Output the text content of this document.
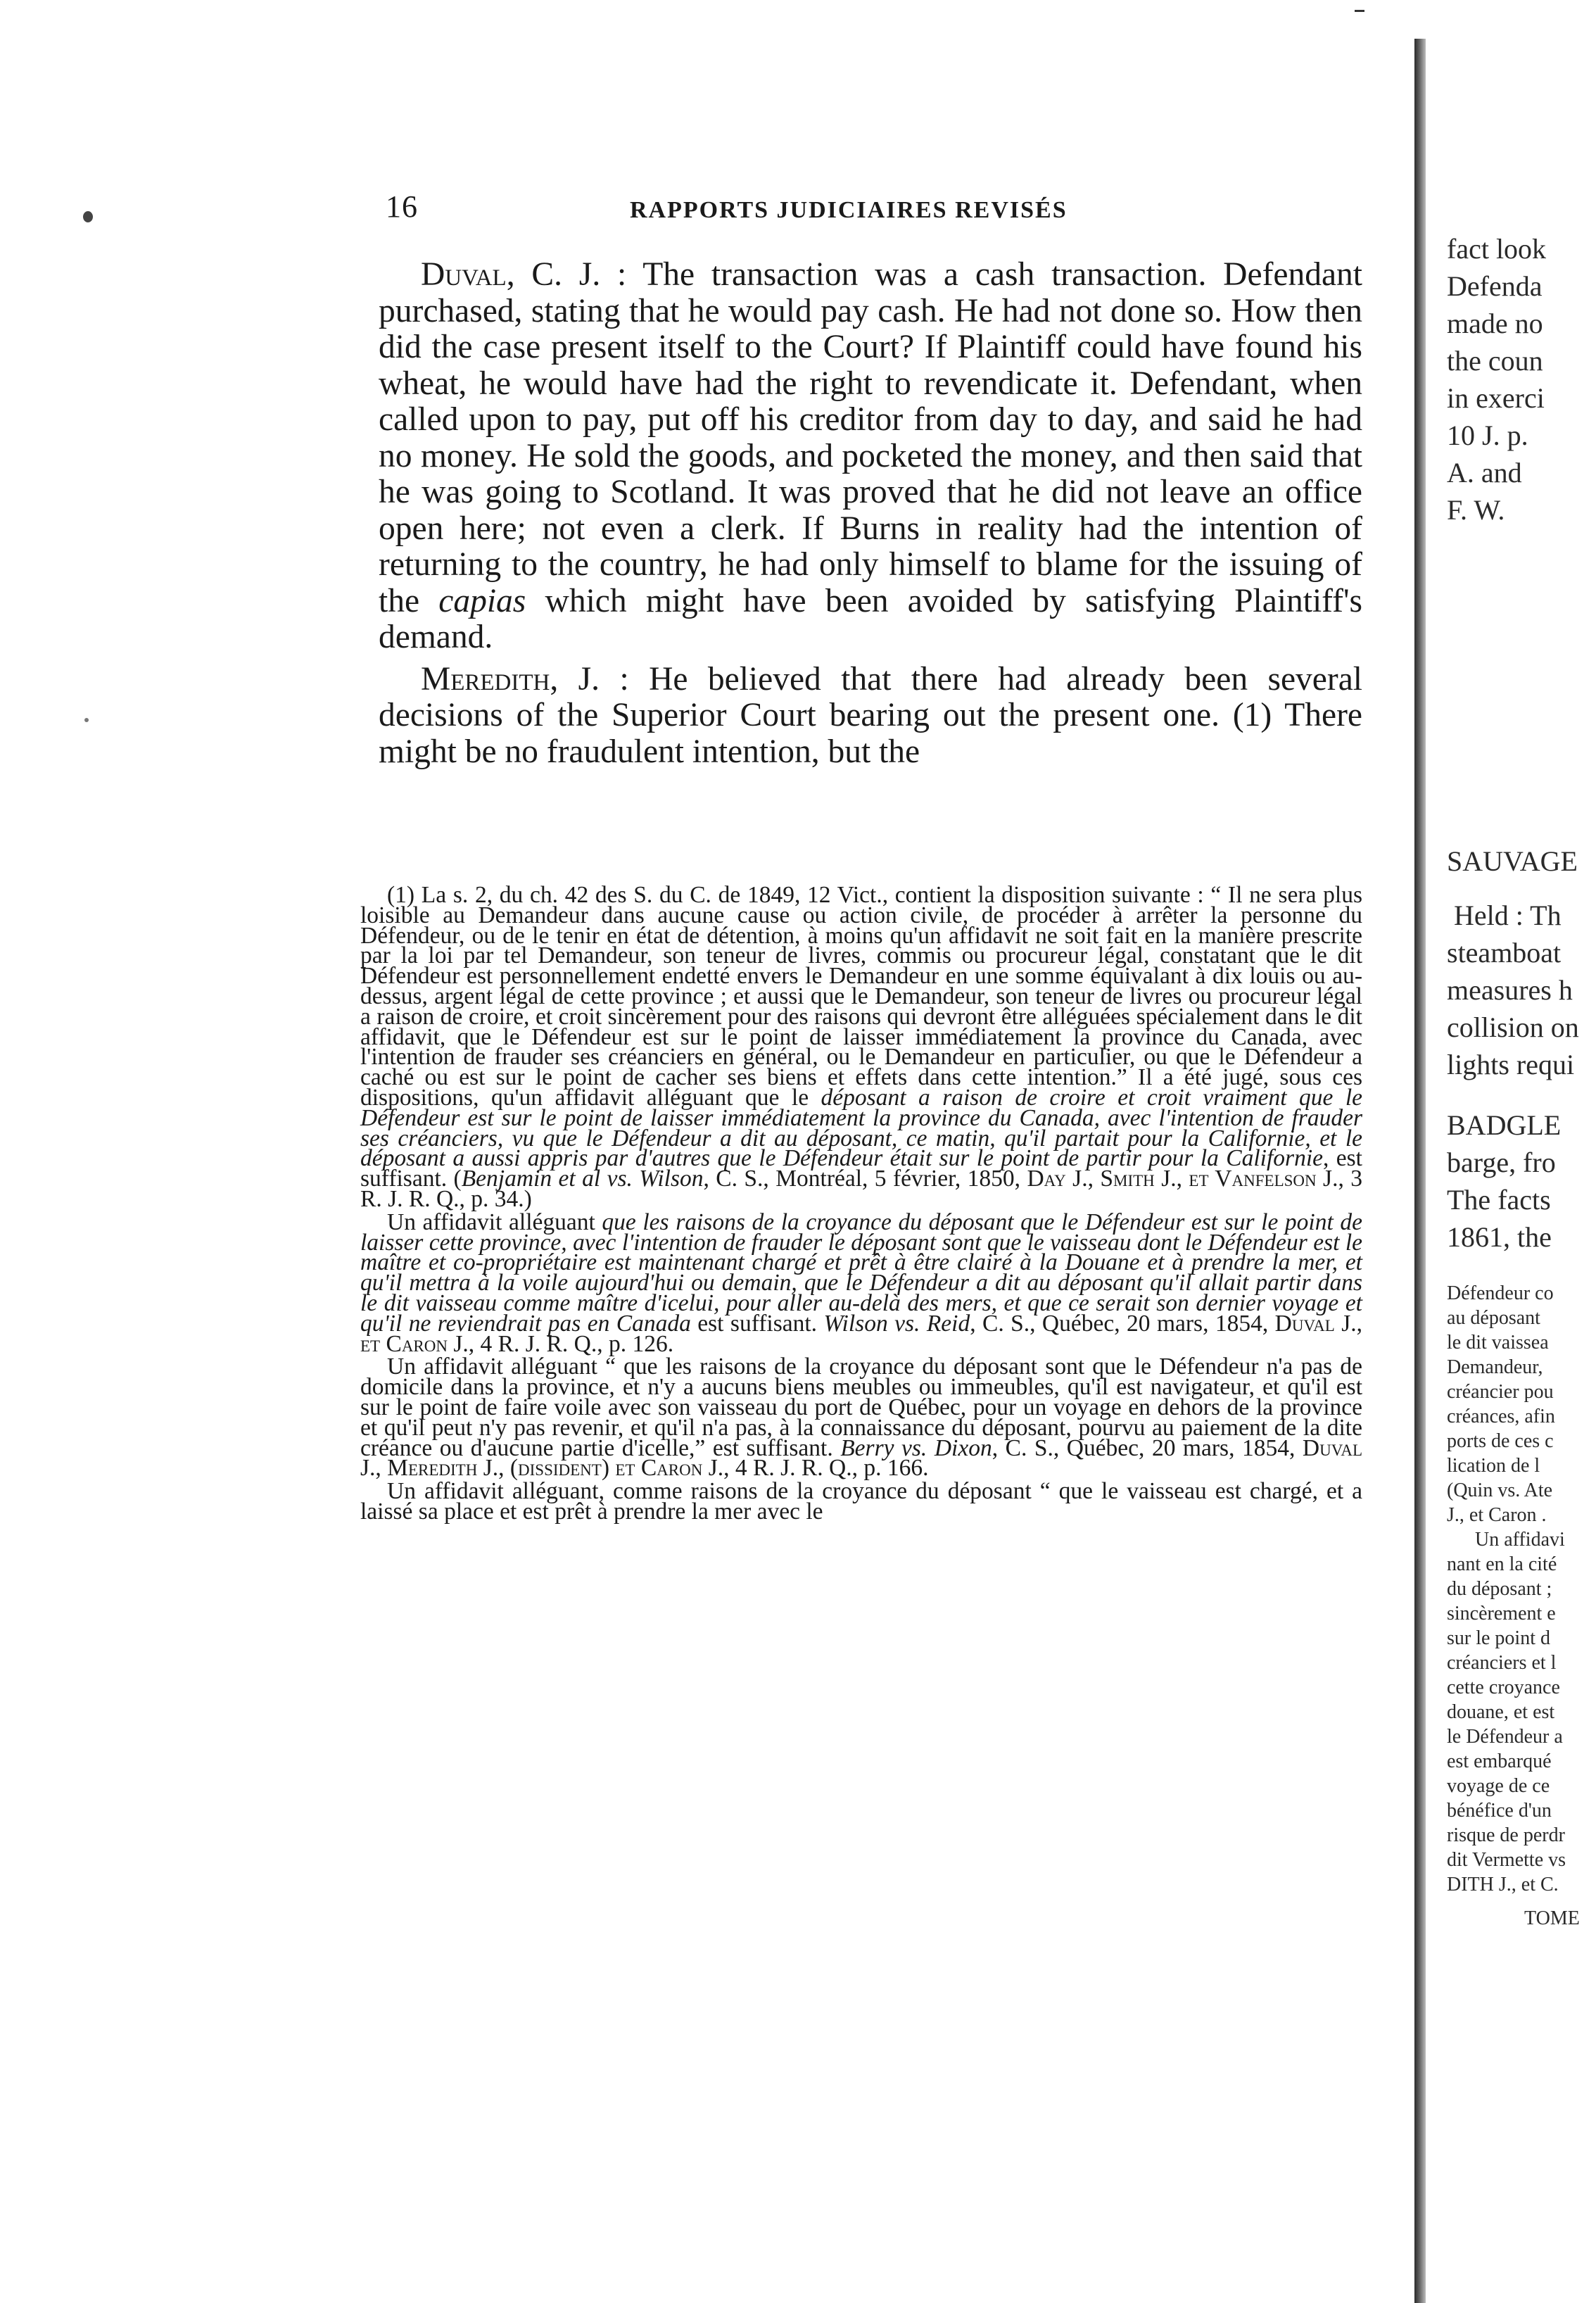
16	RAPPORTS JUDICIAIRES REVISÉS

Duval, C. J. : The transaction was a cash transaction. Defendant purchased, stating that he would pay cash. He had not done so. How then did the case present itself to the Court? If Plaintiff could have found his wheat, he would have had the right to revendicate it. Defendant, when called upon to pay, put off his creditor from day to day, and said he had no money. He sold the goods, and pocketed the money, and then said that he was going to Scotland. It was proved that he did not leave an office open here; not even a clerk. If Burns in reality had the intention of returning to the country, he had only himself to blame for the issuing of the capias which might have been avoided by satisfying Plaintiff's demand.

Meredith, J. : He believed that there had already been several decisions of the Superior Court bearing out the present one. (1) There might be no fraudulent intention, but the

(1) La s. 2, du ch. 42 des S. du C. de 1849, 12 Vict., contient la disposition suivante : “ Il ne sera plus loisible au Demandeur dans aucune cause ou action civile, de procéder à arrêter la personne du Défendeur, ou de le tenir en état de détention, à moins qu'un affidavit ne soit fait en la manière prescrite par la loi par tel Demandeur, son teneur de livres, commis ou procureur légal, constatant que le dit Défendeur est personnellement endetté envers le Demandeur en une somme équivalant à dix louis ou au-dessus, argent légal de cette province ; et aussi que le Demandeur, son teneur de livres ou procureur légal a raison de croire, et croit sincèrement pour des raisons qui devront être alléguées spécialement dans le dit affidavit, que le Défendeur est sur le point de laisser immédiatement la province du Canada, avec l'intention de frauder ses créanciers en général, ou le Demandeur en particulier, ou que le Défendeur a caché ou est sur le point de cacher ses biens et effets dans cette intention.” Il a été jugé, sous ces dispositions, qu'un affidavit alléguant que le déposant a raison de croire et croit vraiment que le Défendeur est sur le point de laisser immédiatement la province du Canada, avec l'intention de frauder ses créanciers, vu que le Défendeur a dit au déposant, ce matin, qu'il partait pour la Californie, et le déposant a aussi appris par d'autres que le Défendeur était sur le point de partir pour la Californie, est suffisant. (Benjamin et al vs. Wilson, C. S., Montréal, 5 février, 1850, Day J., Smith J., et Vanfelson J., 3 R. J. R. Q., p. 34.)

Un affidavit alléguant que les raisons de la croyance du déposant que le Défendeur est sur le point de laisser cette province, avec l'intention de frauder le déposant sont que le vaisseau dont le Défendeur est le maître et co-propriétaire est maintenant chargé et prêt à être clairé à la Douane et à prendre la mer, et qu'il mettra à la voile aujourd'hui ou demain, que le Défendeur a dit au déposant qu'il allait partir dans le dit vaisseau comme maître d'icelui, pour aller au-delà des mers, et que ce serait son dernier voyage et qu'il ne reviendrait pas en Canada est suffisant. Wilson vs. Reid, C. S., Québec, 20 mars, 1854, Duval J., et Caron J., 4 R. J. R. Q., p. 126.

Un affidavit alléguant “ que les raisons de la croyance du déposant sont que le Défendeur n'a pas de domicile dans la province, et n'y a aucuns biens meubles ou immeubles, qu'il est navigateur, et qu'il est sur le point de faire voile avec son vaisseau du port de Québec, pour un voyage en dehors de la province et qu'il peut n'y pas revenir, et qu'il n'a pas, à la connaissance du déposant, pourvu au paiement de la dite créance ou d'aucune partie d'icelle,” est suffisant. Berry vs. Dixon, C. S., Québec, 20 mars, 1854, Duval J., Meredith J., (dissident) et Caron J., 4 R. J. R. Q., p. 166.

Un affidavit alléguant, comme raisons de la croyance du déposant “ que le vaisseau est chargé, et a laissé sa place et est prêt à prendre la mer avec le

fact look
Defenda
made no
the coun
in exerci
10 J. p.
A. and
F. W.
SAUVAGE
Held : Th
steamboat
measures h
collision on
lights requi
BADGLE
barge, fro
The facts
1861, the
Défendeur co
au déposant
le dit vaissea
Demandeur,
créancier pou
créances, afin
ports de ces c
lication de l
(Quin vs. Ate
J., et Caron .
Un affidavi
nant en la cité
du déposant ;
sincèrement e
sur le point d
créanciers et l
cette croyance
douane, et est
le Défendeur a
est embarqué
voyage de ce
bénéfice d'un
risque de perdr
dit Vermette vs
DITH J., et C.
TOME
